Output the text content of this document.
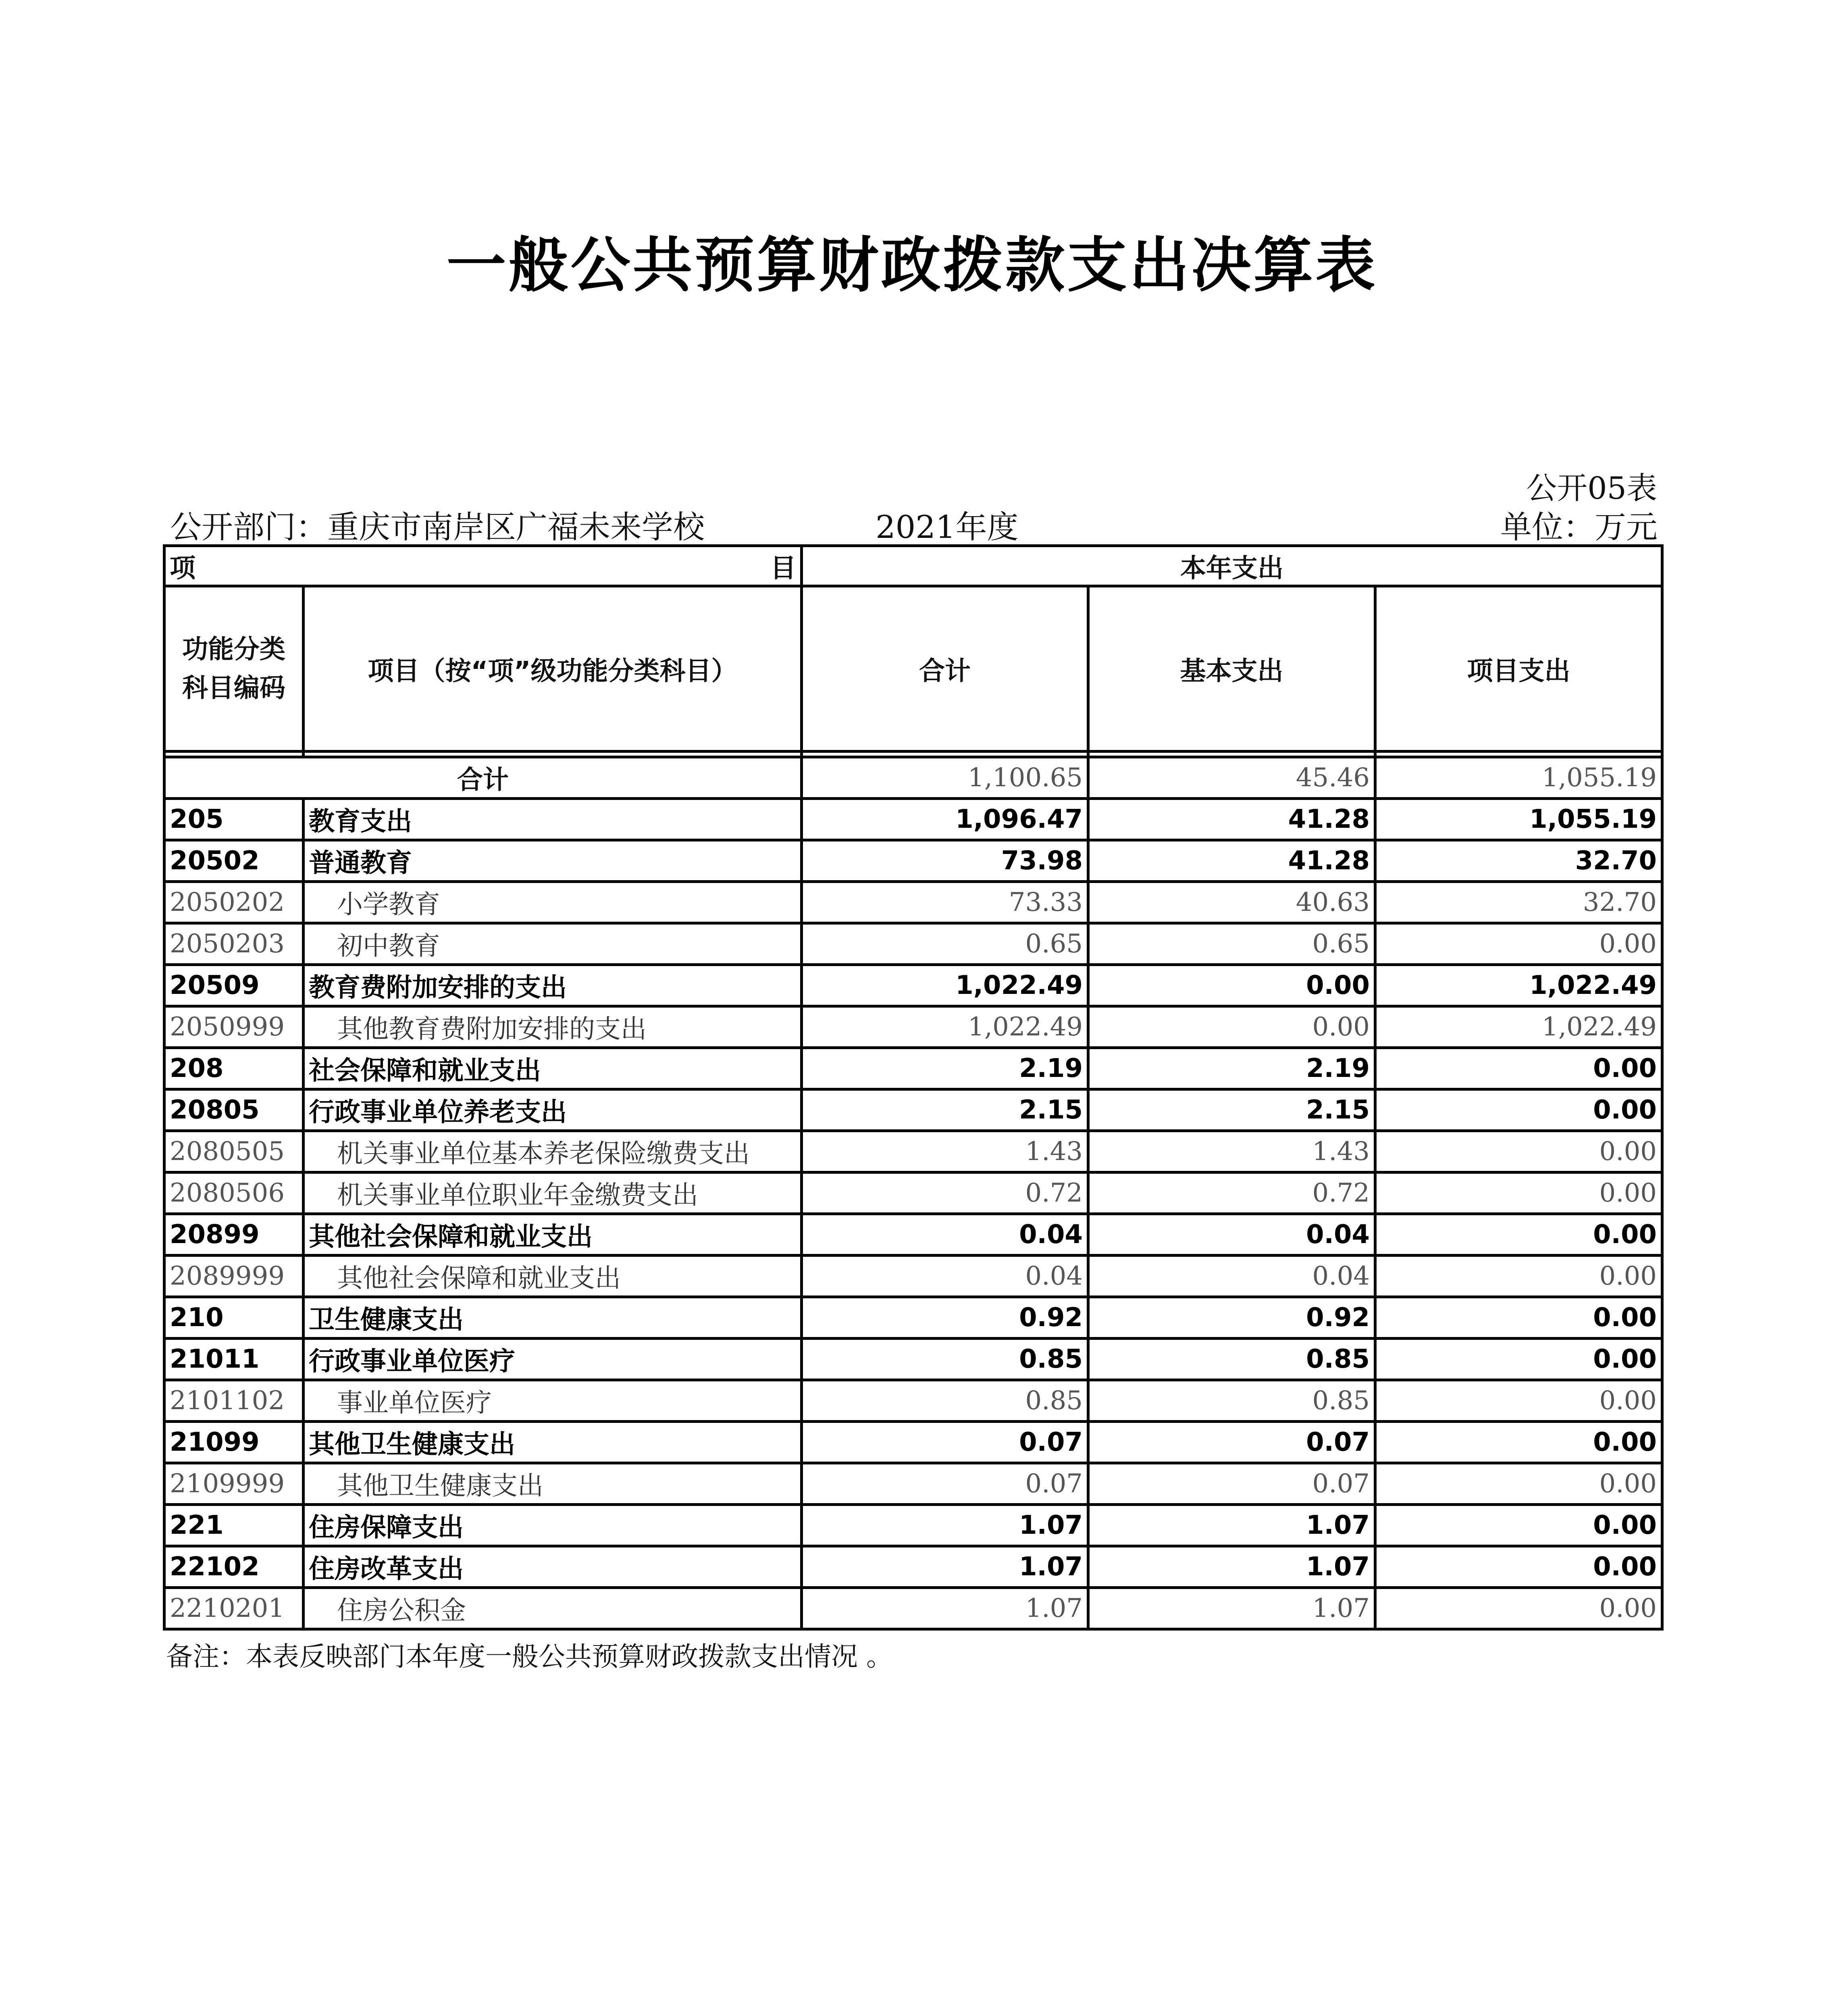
一般公共预算财政拨款支出决算表
公开05表
公开部门：重庆市南岸区广福未来学校	2021年度	单位：万元
项	目	本年支出		
功能分类科目编码	项目（按“项”级功能分类科目）	合计	基本支出	项目支出

合计		1,100.65	45.46	1,055.19
205	教育支出	1,096.47	41.28	1,055.19
20502	普通教育	73.98	41.28	32.70
2050202	小学教育	73.33	40.63	32.70
2050203	初中教育	0.65	0.65	0.00
20509	教育费附加安排的支出	1,022.49	0.00	1,022.49
2050999	其他教育费附加安排的支出	1,022.49	0.00	1,022.49
208	社会保障和就业支出	2.19	2.19	0.00
20805	行政事业单位养老支出	2.15	2.15	0.00
2080505	机关事业单位基本养老保险缴费支出	1.43	1.43	0.00
2080506	机关事业单位职业年金缴费支出	0.72	0.72	0.00
20899	其他社会保障和就业支出	0.04	0.04	0.00
2089999	其他社会保障和就业支出	0.04	0.04	0.00
210	卫生健康支出	0.92	0.92	0.00
21011	行政事业单位医疗	0.85	0.85	0.00
2101102	事业单位医疗	0.85	0.85	0.00
21099	其他卫生健康支出	0.07	0.07	0.00
2109999	其他卫生健康支出	0.07	0.07	0.00
221	住房保障支出	1.07	1.07	0.00
22102	住房改革支出	1.07	1.07	0.00
2210201	住房公积金	1.07	1.07	0.00
备注：本表反映部门本年度一般公共预算财政拨款支出情况 。
